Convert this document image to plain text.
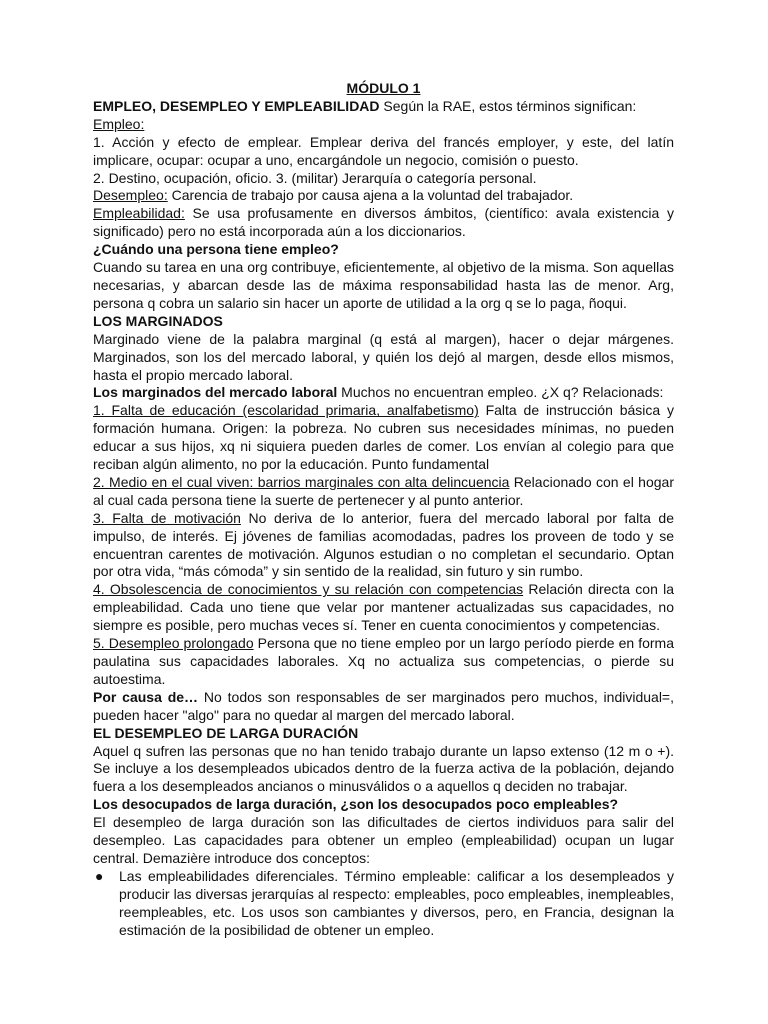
MÓDULO 1

EMPLEO, DESEMPLEO Y EMPLEABILIDAD Según la RAE, estos términos significan:

Empleo:

1. Acción y efecto de emplear. Emplear deriva del francés employer, y este, del latín implicare, ocupar: ocupar a uno, encargándole un negocio, comisión o puesto.

2. Destino, ocupación, oficio. 3. (militar) Jerarquía o categoría personal.

Desempleo: Carencia de trabajo por causa ajena a la voluntad del trabajador.

Empleabilidad: Se usa profusamente en diversos ámbitos, (científico: avala existencia y significado) pero no está incorporada aún a los diccionarios.

¿Cuándo una persona tiene empleo?

Cuando su tarea en una org contribuye, eficientemente, al objetivo de la misma. Son aquellas necesarias, y abarcan desde las de máxima responsabilidad hasta las de menor. Arg, persona q cobra un salario sin hacer un aporte de utilidad a la org q se lo paga, ñoqui.

LOS MARGINADOS

Marginado viene de la palabra marginal (q está al margen), hacer o dejar márgenes. Marginados, son los del mercado laboral, y quién los dejó al margen, desde ellos mismos, hasta el propio mercado laboral.

Los marginados del mercado laboral Muchos no encuentran empleo. ¿X q? Relacionads:

1. Falta de educación (escolaridad primaria, analfabetismo) Falta de instrucción básica y formación humana. Origen: la pobreza. No cubren sus necesidades mínimas, no pueden educar a sus hijos, xq ni siquiera pueden darles de comer. Los envían al colegio para que reciban algún alimento, no por la educación. Punto fundamental

2. Medio en el cual viven: barrios marginales con alta delincuencia Relacionado con el hogar al cual cada persona tiene la suerte de pertenecer y al punto anterior.

3. Falta de motivación No deriva de lo anterior, fuera del mercado laboral por falta de impulso, de interés. Ej jóvenes de familias acomodadas, padres los proveen de todo y se encuentran carentes de motivación. Algunos estudian o no completan el secundario. Optan por otra vida, “más cómoda” y sin sentido de la realidad, sin futuro y sin rumbo.

4. Obsolescencia de conocimientos y su relación con competencias Relación directa con la empleabilidad. Cada uno tiene que velar por mantener actualizadas sus capacidades, no siempre es posible, pero muchas veces sí. Tener en cuenta conocimientos y competencias.

5. Desempleo prolongado Persona que no tiene empleo por un largo período pierde en forma paulatina sus capacidades laborales. Xq no actualiza sus competencias, o pierde su autoestima.

Por causa de… No todos son responsables de ser marginados pero muchos, individual=, pueden hacer "algo" para no quedar al margen del mercado laboral.

EL DESEMPLEO DE LARGA DURACIÓN

Aquel q sufren las personas que no han tenido trabajo durante un lapso extenso (12 m o +). Se incluye a los desempleados ubicados dentro de la fuerza activa de la población, dejando fuera a los desempleados ancianos o minusválidos o a aquellos q deciden no trabajar.

Los desocupados de larga duración, ¿son los desocupados poco empleables?

El desempleo de larga duración son las dificultades de ciertos individuos para salir del desempleo. Las capacidades para obtener un empleo (empleabilidad) ocupan un lugar central. Demazière introduce dos conceptos:

● Las empleabilidades diferenciales. Término empleable: calificar a los desempleados y producir las diversas jerarquías al respecto: empleables, poco empleables, inempleables, reempleables, etc. Los usos son cambiantes y diversos, pero, en Francia, designan la estimación de la posibilidad de obtener un empleo.
